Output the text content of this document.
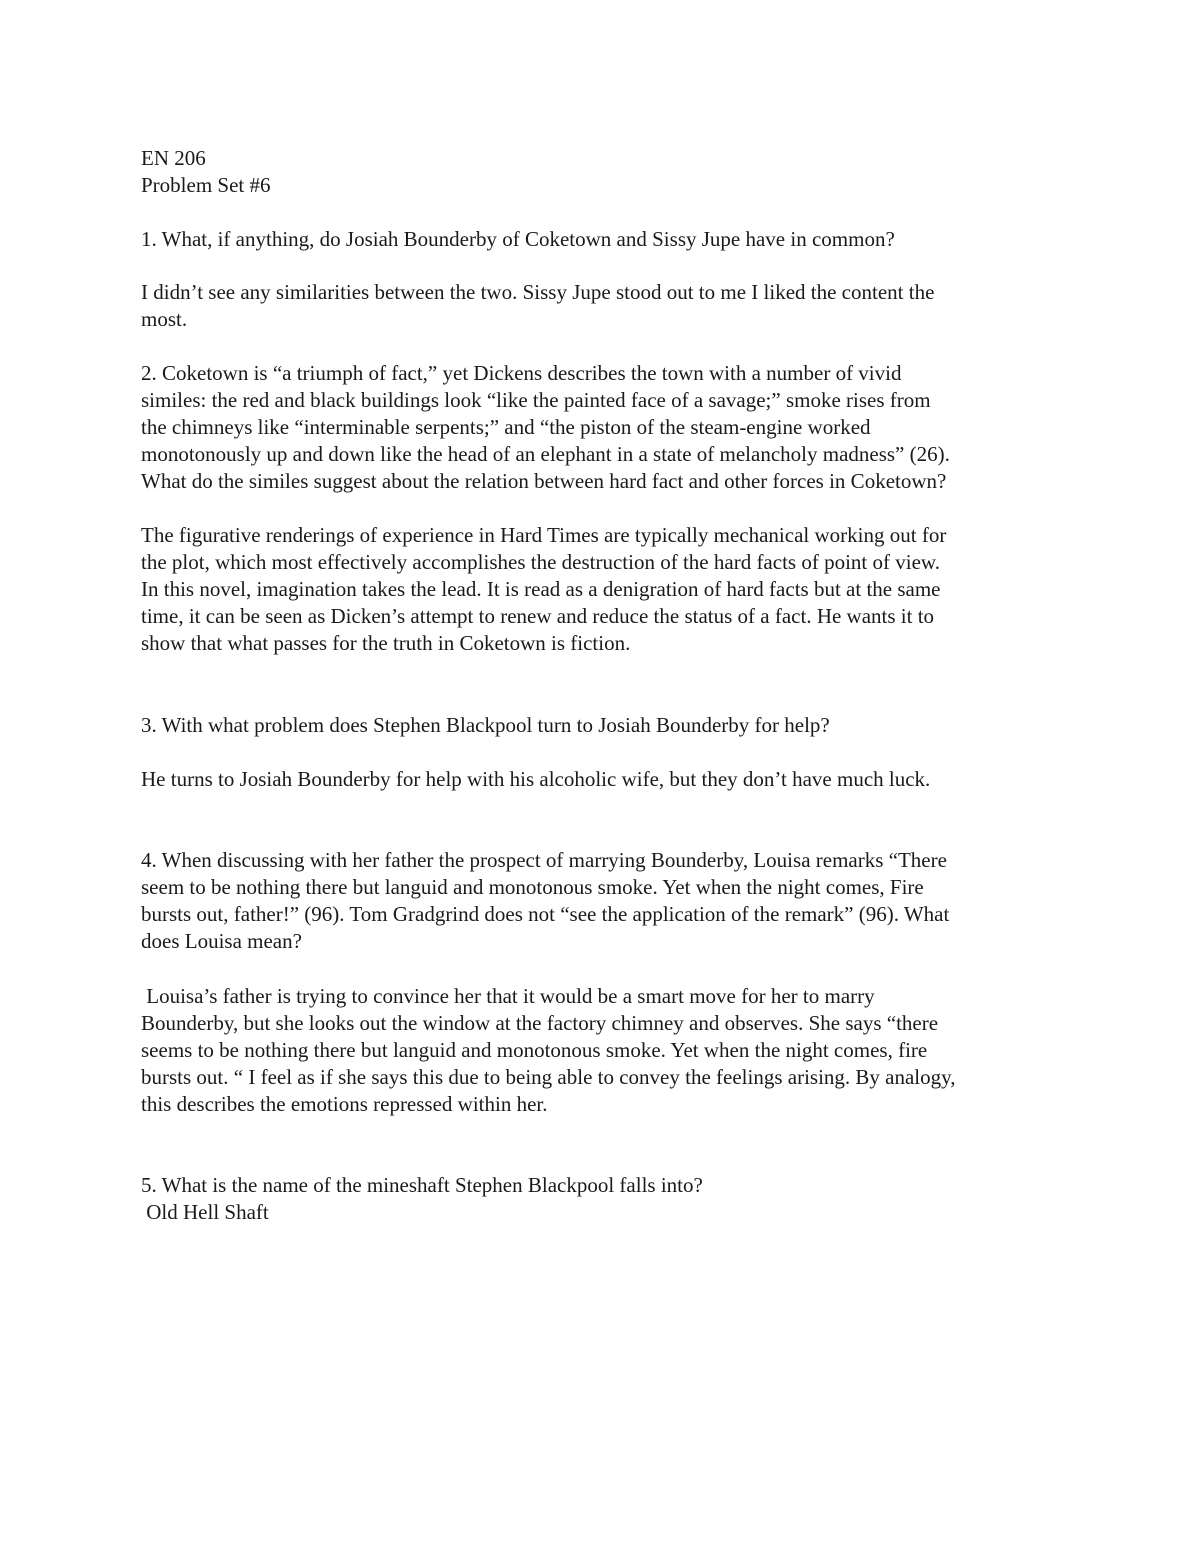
EN 206
Problem Set #6
1. What, if anything, do Josiah Bounderby of Coketown and Sissy Jupe have in common?
I didn’t see any similarities between the two. Sissy Jupe stood out to me I liked the content the
most.
2. Coketown is “a triumph of fact,” yet Dickens describes the town with a number of vivid
similes: the red and black buildings look “like the painted face of a savage;” smoke rises from
the chimneys like “interminable serpents;” and “the piston of the steam-engine worked
monotonously up and down like the head of an elephant in a state of melancholy madness” (26).
What do the similes suggest about the relation between hard fact and other forces in Coketown?
The figurative renderings of experience in Hard Times are typically mechanical working out for
the plot, which most effectively accomplishes the destruction of the hard facts of point of view.
In this novel, imagination takes the lead. It is read as a denigration of hard facts but at the same
time, it can be seen as Dicken’s attempt to renew and reduce the status of a fact. He wants it to
show that what passes for the truth in Coketown is fiction.
3. With what problem does Stephen Blackpool turn to Josiah Bounderby for help?
He turns to Josiah Bounderby for help with his alcoholic wife, but they don’t have much luck.
4. When discussing with her father the prospect of marrying Bounderby, Louisa remarks “There
seem to be nothing there but languid and monotonous smoke. Yet when the night comes, Fire
bursts out, father!” (96). Tom Gradgrind does not “see the application of the remark” (96). What
does Louisa mean?
Louisa’s father is trying to convince her that it would be a smart move for her to marry
Bounderby, but she looks out the window at the factory chimney and observes. She says “there
seems to be nothing there but languid and monotonous smoke. Yet when the night comes, fire
bursts out. “ I feel as if she says this due to being able to convey the feelings arising. By analogy,
this describes the emotions repressed within her.
5. What is the name of the mineshaft Stephen Blackpool falls into?
Old Hell Shaft
